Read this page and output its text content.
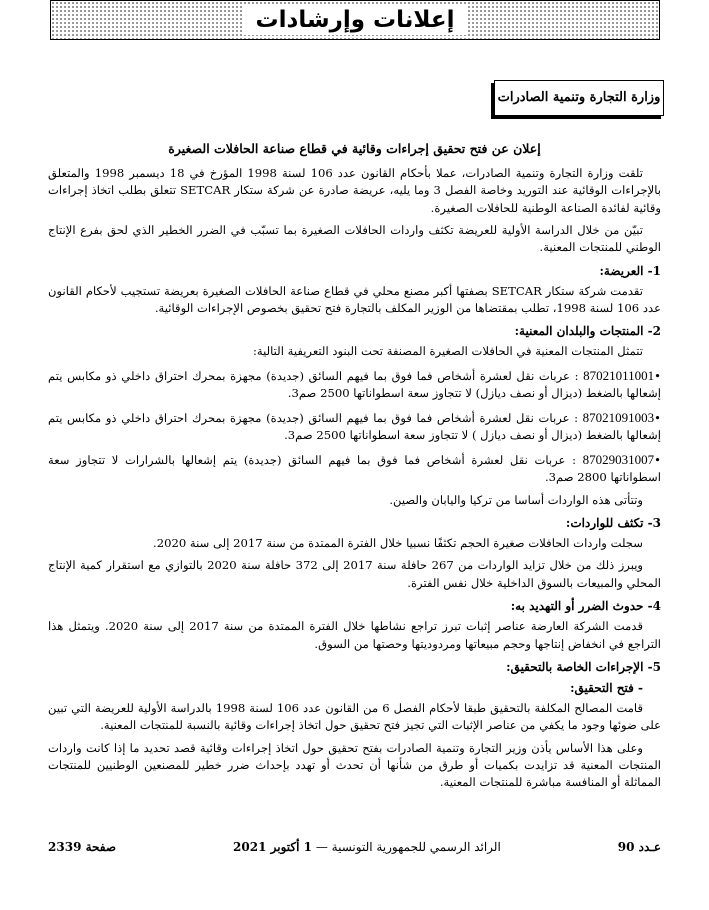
إعلانات وإرشادات
وزارة التجارة وتنمية الصادرات
إعلان عن فتح تحقيق إجراءات وقائية في قطاع صناعة الحافلات الصغيرة

تلقت وزارة التجارة وتنمية الصادرات، عملا بأحكام القانون عدد 106 لسنة 1998 المؤرخ في 18 ديسمبر 1998 والمتعلق بالإجراءات الوقائية عند التوريد وخاصة الفصل 3 وما يليه، عريضة صادرة عن شركة ستكار SETCAR تتعلق بطلب اتخاذ إجراءات وقائية لفائدة الصناعة الوطنية للحافلات الصغيرة.

تبيّن من خلال الدراسة الأولية للعريضة تكثف واردات الحافلات الصغيرة بما تسبّب في الضرر الخطير الذي لحق بفرع الإنتاج الوطني للمنتجات المعنية.

1- العريضة:

تقدمت شركة ستكار SETCAR بصفتها أكبر مصنع محلي في قطاع صناعة الحافلات الصغيرة بعريضة تستجيب لأحكام القانون عدد 106 لسنة 1998، تطلب بمقتضاها من الوزير المكلف بالتجارة فتح تحقيق بخصوص الإجراءات الوقائية.

2- المنتجات والبلدان المعنية:

تتمثل المنتجات المعنية في الحافلات الصغيرة المصنفة تحت البنود التعريفية التالية:

•87021011001 : عربات نقل لعشرة أشخاص فما فوق بما فيهم السائق (جديدة) مجهزة بمحرك احتراق داخلي ذو مكابس يتم إشعالها بالضغط (ديزال أو نصف ديازل) لا تتجاوز سعة اسطواناتها 2500 صم3.
•87021091003 : عربات نقل لعشرة أشخاص فما فوق بما فيهم السائق (جديدة) مجهزة بمحرك احتراق داخلي ذو مكابس يتم إشعالها بالضغط (ديزال أو نصف ديازل ) لا تتجاوز سعة اسطواناتها 2500 صم3.
•87029031007 : عربات نقل لعشرة أشخاص فما فوق بما فيهم السائق (جديدة) يتم إشعالها بالشرارات لا تتجاوز سعة اسطواناتها 2800 صم3.

وتتأتى هذه الواردات أساسا من تركيا واليابان والصين.

3- تكثف للواردات:

سجلت واردات الحافلات صغيرة الحجم تكثفًا نسبيا خلال الفترة الممتدة من سنة 2017 إلى سنة 2020.

ويبرز ذلك من خلال تزايد الواردات من 267 حافلة سنة 2017 إلى 372 حافلة سنة 2020 بالتوازي مع استقرار كمية الإنتاج المحلي والمبيعات بالسوق الداخلية خلال نفس الفترة.

4- حدوث الضرر أو التهديد به:

قدمت الشركة العارضة عناصر إثبات تبرز تراجع نشاطها خلال الفترة الممتدة من سنة 2017 إلى سنة 2020. ويتمثل هذا التراجع في انخفاض إنتاجها وحجم مبيعاتها ومردوديتها وحصتها من السوق.

5- الإجراءات الخاصة بالتحقيق:
- فتح التحقيق:

قامت المصالح المكلفة بالتحقيق طبقا لأحكام الفصل 6 من القانون عدد 106 لسنة 1998 بالدراسة الأولية للعريضة التي تبين على ضوئها وجود ما يكفي من عناصر الإثبات التي تجيز فتح تحقيق حول اتخاذ إجراءات وقائية بالنسبة للمنتجات المعنية.

وعلى هذا الأساس يأذن وزير التجارة وتنمية الصادرات بفتح تحقيق حول اتخاذ إجراءات وقائية قصد تحديد ما إذا كانت واردات المنتجات المعنية قد تزايدت بكميات أو طرق من شأنها أن تحدث أو تهدد بإحداث ضرر خطير للمصنعين الوطنيين للمنتجات المماثلة أو المنافسة مباشرة للمنتجات المعنية.

عـدد 90
الرائد الرسمي للجمهورية التونسية — 1 أكتوبر 2021
صفحة 2339
